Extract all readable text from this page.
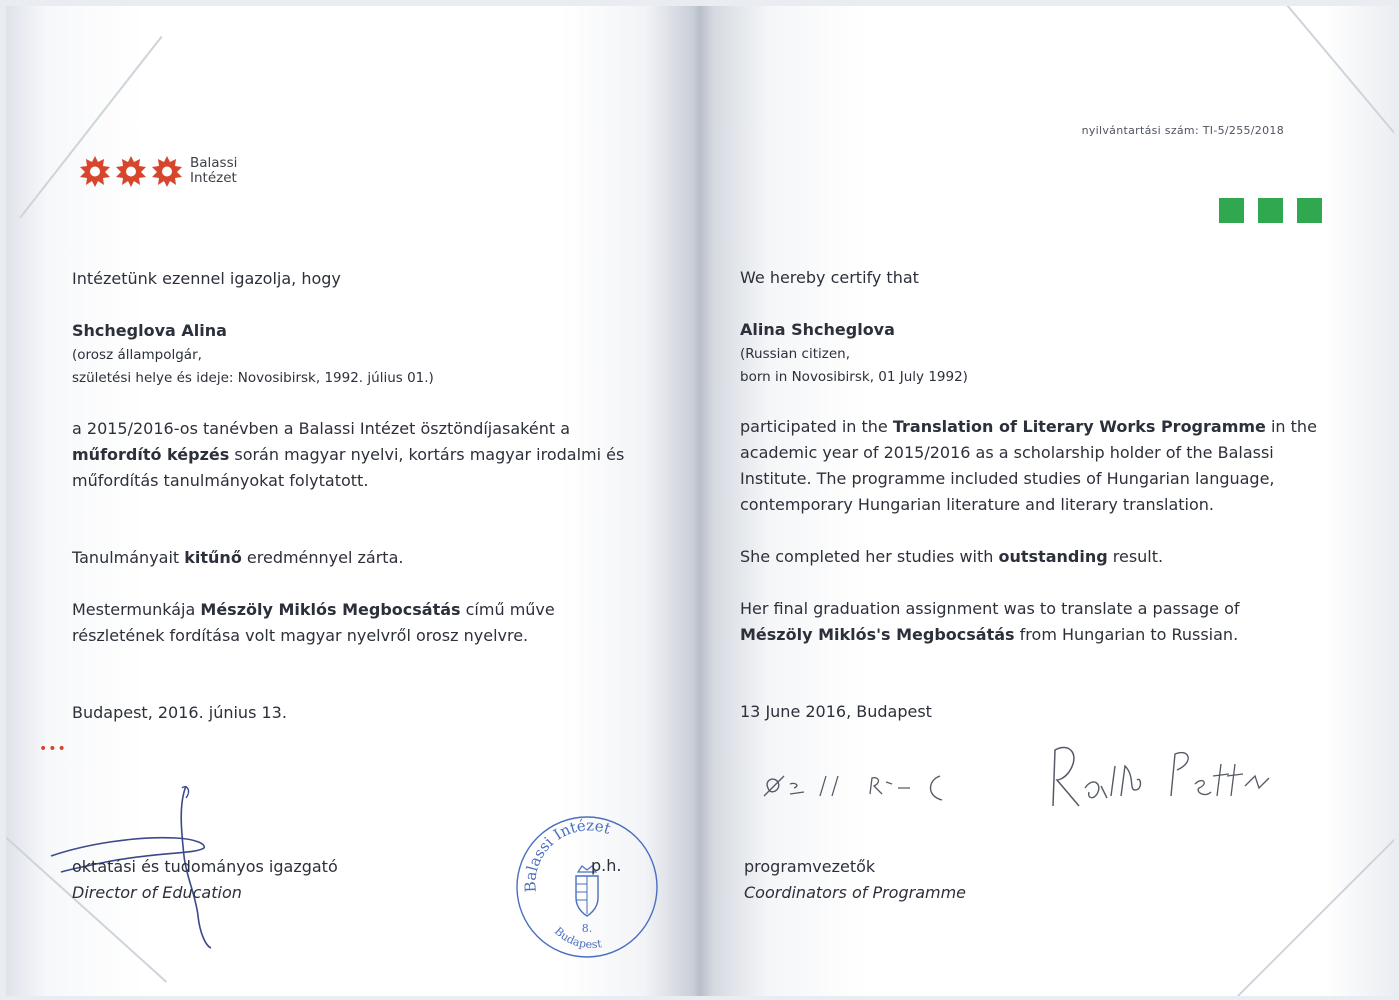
Balassi
Intézet
Intézetünk ezennel igazolja, hogy
Shcheglova Alina
(orosz állampolgár,
születési helye és ideje: Novosibirsk, 1992. július 01.)
a 2015/2016-os tanévben a Balassi Intézet ösztöndíjasaként a
műfordító képzés során magyar nyelvi, kortárs magyar irodalmi és
műfordítás tanulmányokat folytatott.
Tanulmányait kitűnő eredménnyel zárta.
Mestermunkája Mészöly Miklós Megbocsátás című műve
részletének fordítása volt magyar nyelvről orosz nyelvre.
Budapest, 2016. június 13.
•••
oktatási és tudományos igazgató
Director of Education	Balassi Intézet
8.
Budapest
p.h.
nyilvántartási szám: TI-5/255/2018
We hereby certify that
Alina Shcheglova
(Russian citizen,
born in Novosibirsk, 01 July 1992)
participated in the Translation of Literary Works Programme in the
academic year of 2015/2016 as a scholarship holder of the Balassi
Institute. The programme included studies of Hungarian language,
contemporary Hungarian literature and literary translation.
She completed her studies with outstanding result.
Her final graduation assignment was to translate a passage of
Mészöly Miklós's Megbocsátás from Hungarian to Russian.
13 June 2016, Budapest
programvezetők
Coordinators of Programme
